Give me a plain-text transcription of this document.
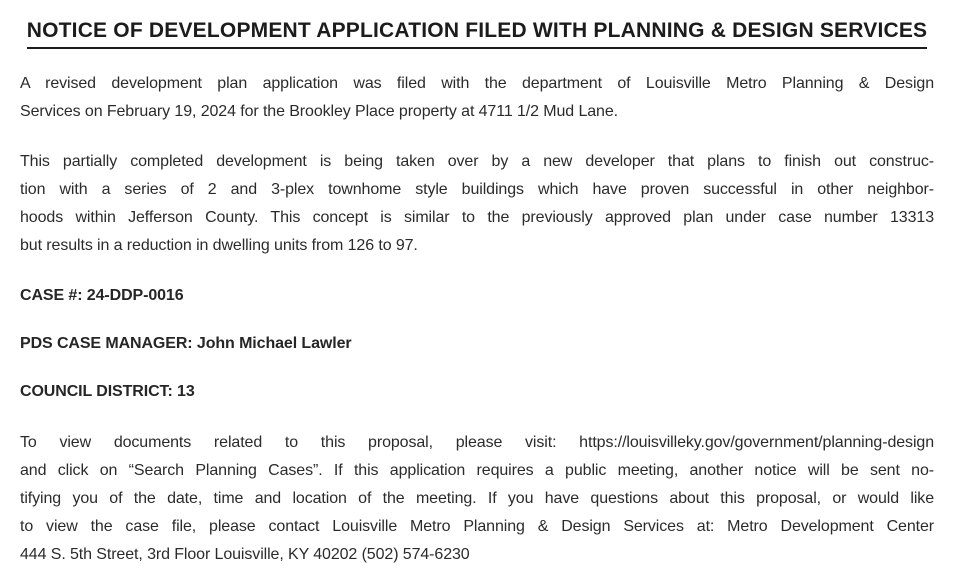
NOTICE OF DEVELOPMENT APPLICATION FILED WITH PLANNING & DESIGN SERVICES
A revised development plan application was filed with the department of Louisville Metro Planning & Design
Services on February 19, 2024 for the Brookley Place property at 4711 1/2 Mud Lane.
This partially completed development is being taken over by a new developer that plans to finish out construc-
tion with a series of 2 and 3-plex townhome style buildings which have proven successful in other neighbor-
hoods within Jefferson County. This concept is similar to the previously approved plan under case number 13313
but results in a reduction in dwelling units from 126 to 97.
CASE #: 24-DDP-0016
PDS CASE MANAGER: John Michael Lawler
COUNCIL DISTRICT: 13
To view documents related to this proposal, please visit: https://louisvilleky.gov/government/planning-design
and click on “Search Planning Cases”. If this application requires a public meeting, another notice will be sent no-
tifying you of the date, time and location of the meeting. If you have questions about this proposal, or would like
to view the case file, please contact Louisville Metro Planning & Design Services at: Metro Development Center
444 S. 5th Street, 3rd Floor Louisville, KY 40202 (502) 574-6230
